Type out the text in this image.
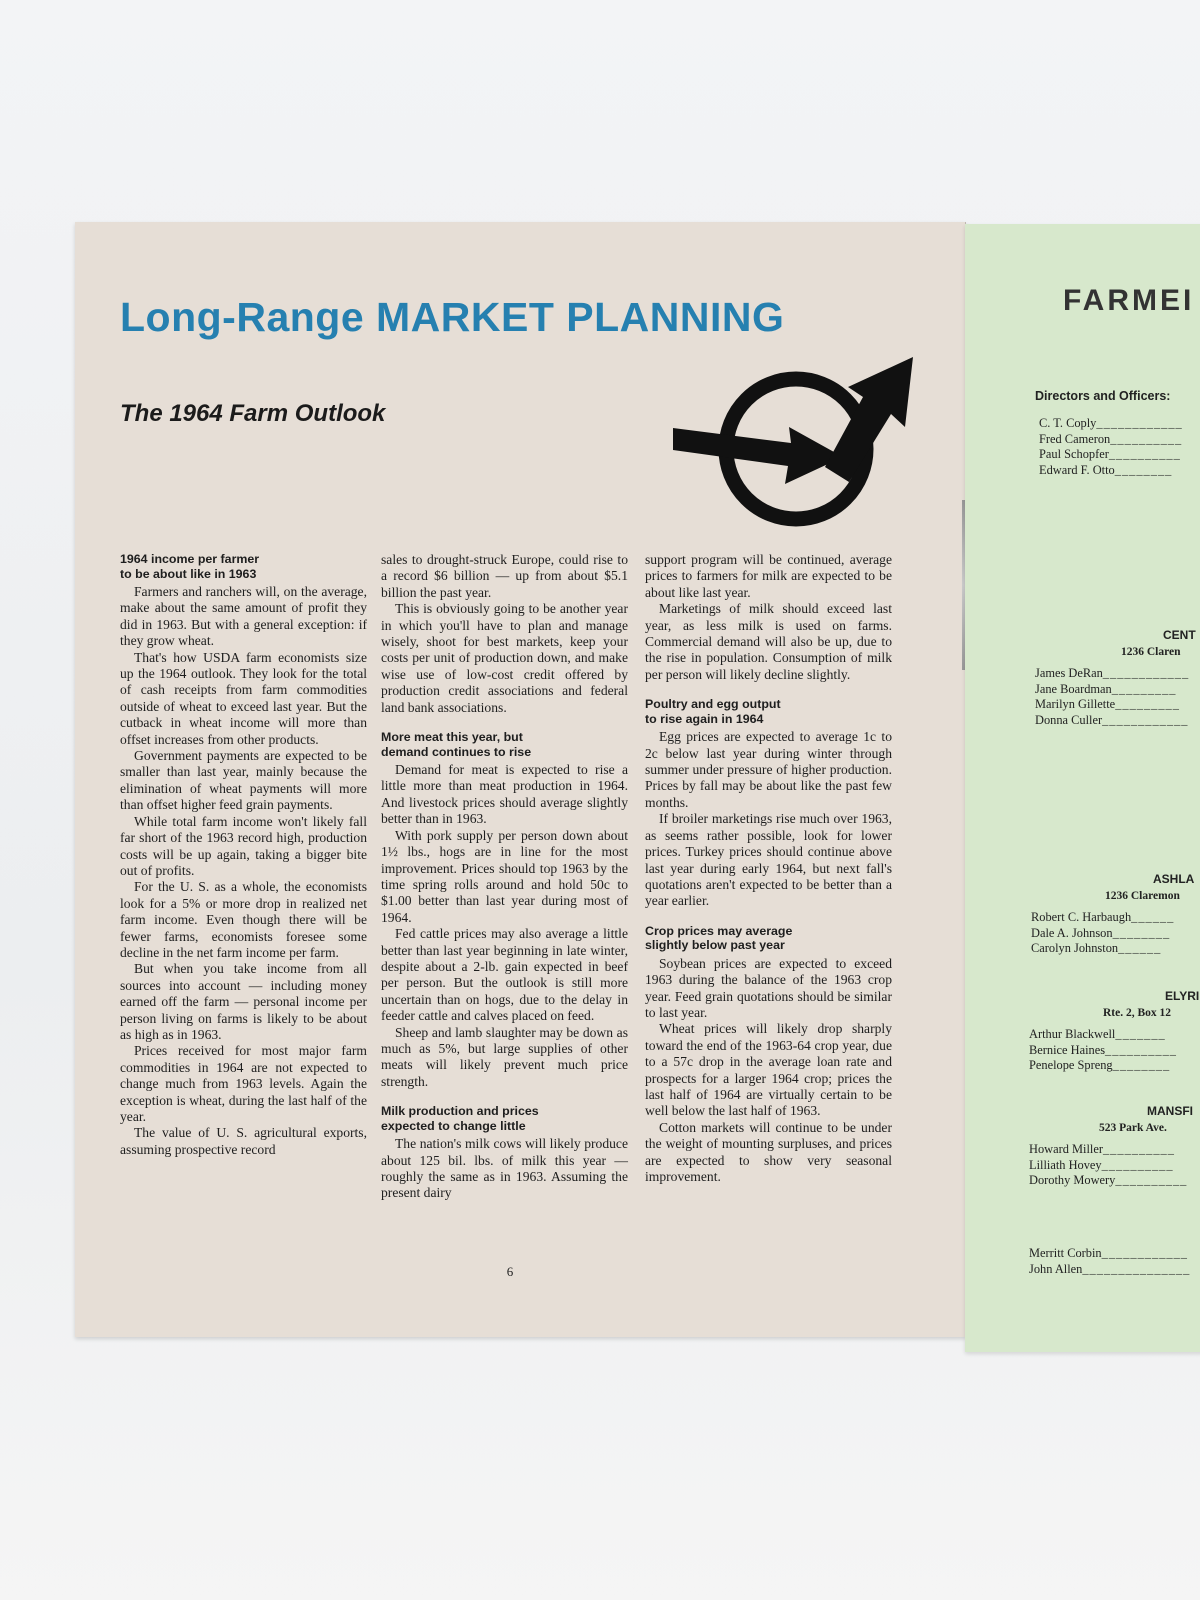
Long-Range MARKET PLANNING
The 1964 Farm Outlook
1964 income per farmer
to be about like in 1963

Farmers and ranchers will, on the average, make about the same amount of profit they did in 1963. But with a general exception: if they grow wheat.

That's how USDA farm economists size up the 1964 outlook. They look for the total of cash receipts from farm commodities outside of wheat to exceed last year. But the cutback in wheat income will more than offset increases from other products.

Government payments are expected to be smaller than last year, mainly because the elimination of wheat payments will more than offset higher feed grain payments.

While total farm income won't likely fall far short of the 1963 record high, production costs will be up again, taking a bigger bite out of profits.

For the U. S. as a whole, the economists look for a 5% or more drop in realized net farm income. Even though there will be fewer farms, economists foresee some decline in the net farm income per farm.

But when you take income from all sources into account — including money earned off the farm — personal income per person living on farms is likely to be about as high as in 1963.

Prices received for most major farm commodities in 1964 are not expected to change much from 1963 levels. Again the exception is wheat, during the last half of the year.

The value of U. S. agricultural exports, assuming prospective record

sales to drought-struck Europe, could rise to a record $6 billion — up from about $5.1 billion the past year.

This is obviously going to be another year in which you'll have to plan and manage wisely, shoot for best markets, keep your costs per unit of production down, and make wise use of low-cost credit offered by production credit associations and federal land bank associations.

More meat this year, but
demand continues to rise

Demand for meat is expected to rise a little more than meat production in 1964. And livestock prices should average slightly better than in 1963.

With pork supply per person down about 1½ lbs., hogs are in line for the most improvement. Prices should top 1963 by the time spring rolls around and hold 50c to $1.00 better than last year during most of 1964.

Fed cattle prices may also average a little better than last year beginning in late winter, despite about a 2-lb. gain expected in beef per person. But the outlook is still more uncertain than on hogs, due to the delay in feeder cattle and calves placed on feed.

Sheep and lamb slaughter may be down as much as 5%, but large supplies of other meats will likely prevent much price strength.

Milk production and prices
expected to change little

The nation's milk cows will likely produce about 125 bil. lbs. of milk this year — roughly the same as in 1963. Assuming the present dairy

support program will be continued, average prices to farmers for milk are expected to be about like last year.

Marketings of milk should exceed last year, as less milk is used on farms. Commercial demand will also be up, due to the rise in population. Consumption of milk per person will likely decline slightly.

Poultry and egg output
to rise again in 1964

Egg prices are expected to average 1c to 2c below last year during winter through summer under pressure of higher production. Prices by fall may be about like the past few months.

If broiler marketings rise much over 1963, as seems rather possible, look for lower prices. Turkey prices should continue above last year during early 1964, but next fall's quotations aren't expected to be better than a year earlier.

Crop prices may average
slightly below past year

Soybean prices are expected to exceed 1963 during the balance of the 1963 crop year. Feed grain quotations should be similar to last year.

Wheat prices will likely drop sharply toward the end of the 1963-64 crop year, due to a 57c drop in the average loan rate and prospects for a larger 1964 crop; prices the last half of 1964 are virtually certain to be well below the last half of 1963.

Cotton markets will continue to be under the weight of mounting surpluses, and prices are expected to show very seasonal improvement.

6
FARMEI
Directors and Officers:
C. T. Coply____________
Fred Cameron__________
Paul Schopfer__________
Edward F. Otto________
CENT
1236 Claren
James DeRan____________
Jane Boardman_________
Marilyn Gillette_________
Donna Culler____________
ASHLA
1236 Claremon
Robert C. Harbaugh______
Dale A. Johnson________
Carolyn Johnston______
ELYRI
Rte. 2, Box 12
Arthur Blackwell_______
Bernice Haines__________
Penelope Spreng________
MANSFI
523 Park Ave.
Howard Miller__________
Lilliath Hovey__________
Dorothy Mowery__________
Merritt Corbin____________
John Allen_______________
